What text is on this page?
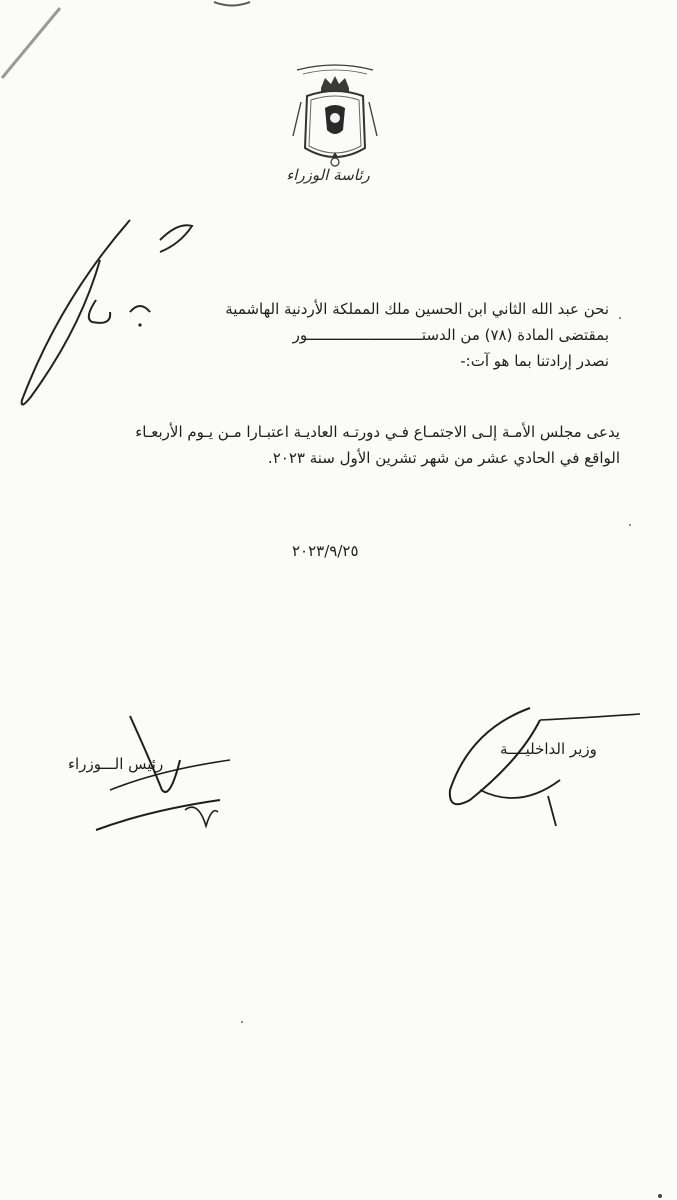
رئاسة الوزراء
نحن عبد الله الثاني ابن الحسين ملك المملكة الأردنية الهاشمية
بمقتضى المادة (٧٨) من الدستــــــــــــــــــــــــــور
نصدر إرادتنا بما هو آت:-
يدعى مجلس الأمـة إلـى الاجتمـاع فـي دورتـه العاديـة اعتبـارا مـن يـوم الأربعـاء
الواقع في الحادي عشر من شهر تشرين الأول سنة ٢٠٢٣.
٢٠٢٣/٩/٢٥
رئيس الـــوزراء
وزير الداخليــــة
